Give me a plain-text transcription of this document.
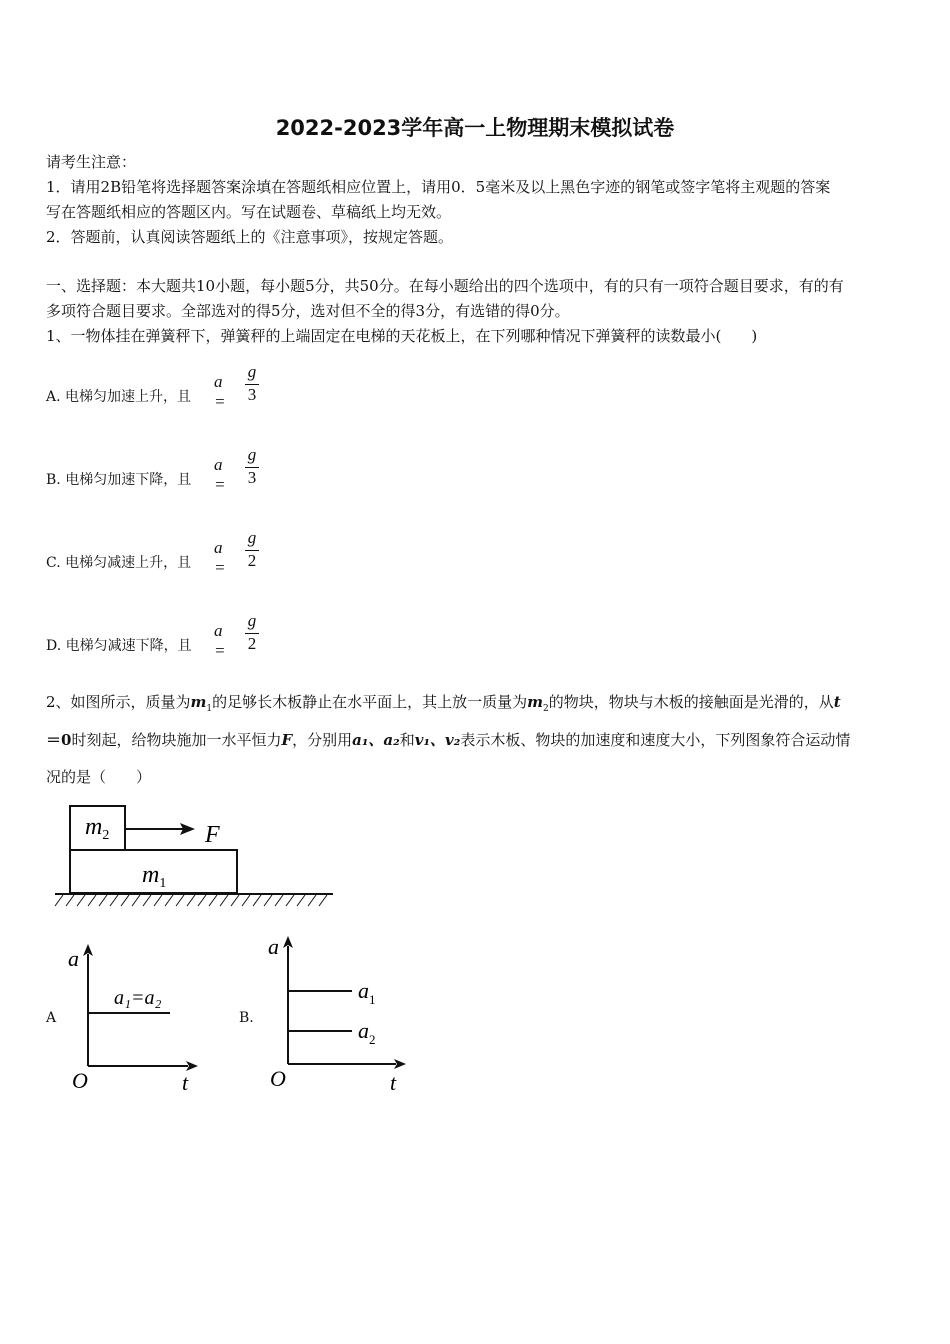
2022-2023学年高一上物理期末模拟试卷
请考生注意：
1．请用2B铅笔将选择题答案涂填在答题纸相应位置上，请用0．5毫米及以上黑色字迹的钢笔或签字笔将主观题的答案
写在答题纸相应的答题区内。写在试题卷、草稿纸上均无效。
2．答题前，认真阅读答题纸上的《注意事项》，按规定答题。
一、选择题：本大题共10小题，每小题5分，共50分。在每小题给出的四个选项中，有的只有一项符合题目要求，有的有
多项符合题目要求。全部选对的得5分，选对但不全的得3分，有选错的得0分。
1、一物体挂在弹簧秤下，弹簧秤的上端固定在电梯的天花板上，在下列哪种情况下弹簧秤的读数最小(　　)
A. 电梯匀加速上升，且
a =
g
3
B. 电梯匀加速下降，且
a =
g
3
C. 电梯匀减速上升，且
a =
g
2
D. 电梯匀减速下降，且
a =
g
2
2、如图所示，质量为$m_1$的足够长木板静止在水平面上，其上放一质量为$m_2$的物块，物块与木板的接触面是光滑的，从t
＝0时刻起，给物块施加一水平恒力F，分别用a₁、a₂和v₁、v₂表示木板、物块的加速度和速度大小，下列图象符合运动情
况的是（　　）
$m_2$	F
$m_1$
A
a
t
O
a₁=a₂
B.
a
t
O
$a_1$
$a_2$
